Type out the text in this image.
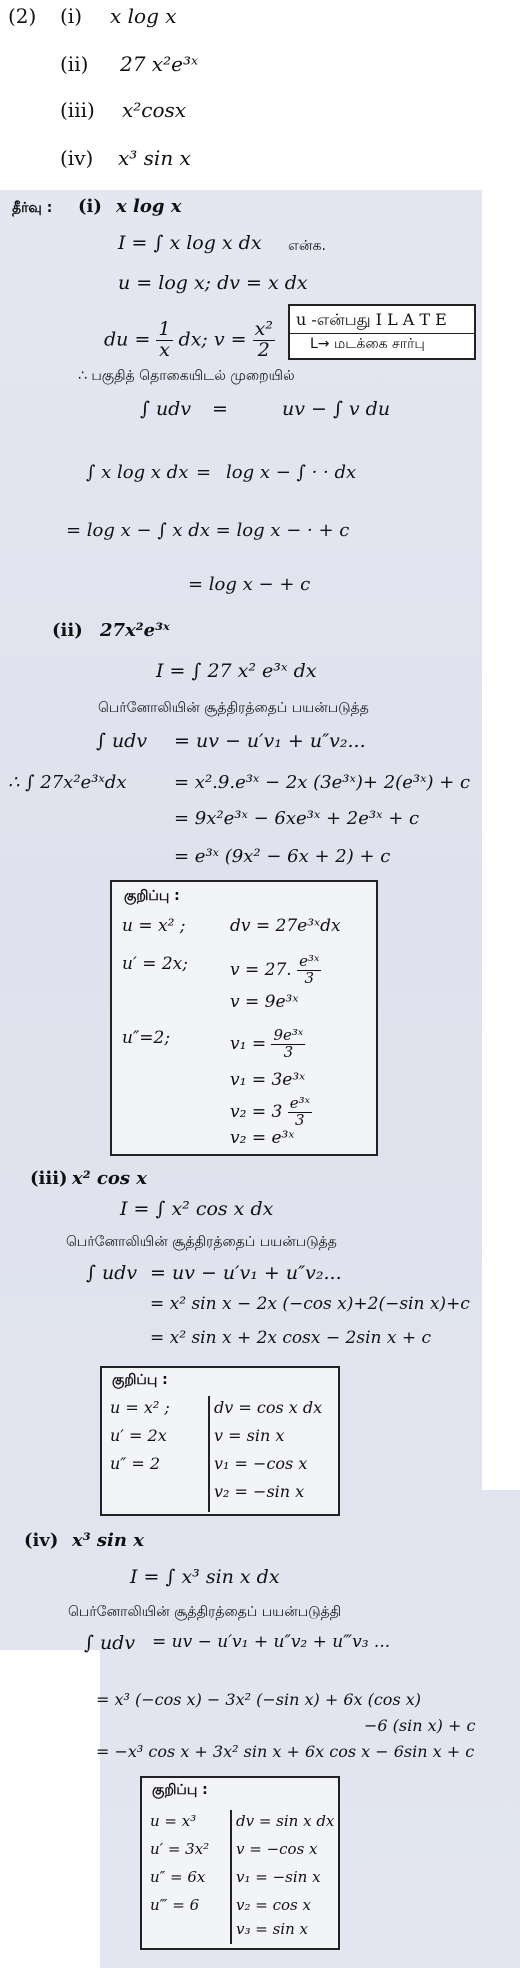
(2) (i) x log x
(ii) 27 x²e³ˣ
(iii) x²cosx
(iv) x³ sin x
தீர்வு : (i) x log x
I = ∫ x log x dx என்க.
u = log x; dv = x dx
du = $\frac{1}{x}$ dx; $v = \frac{\text{x²}}{2}$
u -என்பது I L A T E
L→ மடக்கை சார்பு
∴ பகுதித் தொகையிடல் முறையில்
∫ udv =	uv − ∫ v du
∫ x log x dx = log x − ∫ · · dx
= log x − ∫ x dx = log x − · + c
= log x − + c
(ii) 27x²e³ˣ
I = ∫ 27 x² e³ˣ dx
பெர்னோலியின் சூத்திரத்தைப் பயன்படுத்த
∫ udv = uv − u′v₁ + u″v₂...
∴ ∫ 27x²e³ˣdx	= x².9.e³ˣ − 2x (3e³ˣ)+ 2(e³ˣ) + c
= 9x²e³ˣ − 6xe³ˣ + 2e³ˣ + c
= e³ˣ (9x² − 6x + 2) + c
குறிப்பு :
u = x² ;	dv = 27e³ˣdx
u′ = 2x; v = 27. $\frac{\text{e³ˣ}}{3}$
v = 9e³ˣ
u″=2;	$v_1 = \frac{\text{9e³ˣ}}{3}$
v₁ = 3e³ˣ
$v_2 = 3 \frac{\text{e³ˣ}}{3}$
v₂ = e³ˣ
(iii) x² cos x
I = ∫ x² cos x dx
பெர்னோலியின் சூத்திரத்தைப் பயன்படுத்த
∫ udv = uv − u′v₁ + u″v₂...
= x² sin x − 2x (−cos x)+2(−sin x)+c
= x² sin x + 2x cosx − 2sin x + c
குறிப்பு :
u = x² ;	dv = cos x dx
u′ = 2x	v = sin x
u″ = 2	v₁ = −cos x
v₂ = −sin x
(iv) x³ sin x
I = ∫ x³ sin x dx
பெர்னோலியின் சூத்திரத்தைப் பயன்படுத்தி
∫ udv = uv − u′v₁ + u″v₂ + u‴v₃ ...
= x³ (−cos x) − 3x² (−sin x) + 6x (cos x)
−6 (sin x) + c
= −x³ cos x + 3x² sin x + 6x cos x − 6sin x + c
குறிப்பு :
u = x³	dv = sin x dx
u′ = 3x² v = −cos x
u″ = 6x v₁ = −sin x
u‴ = 6 v₂ = cos x
v₃ = sin x
